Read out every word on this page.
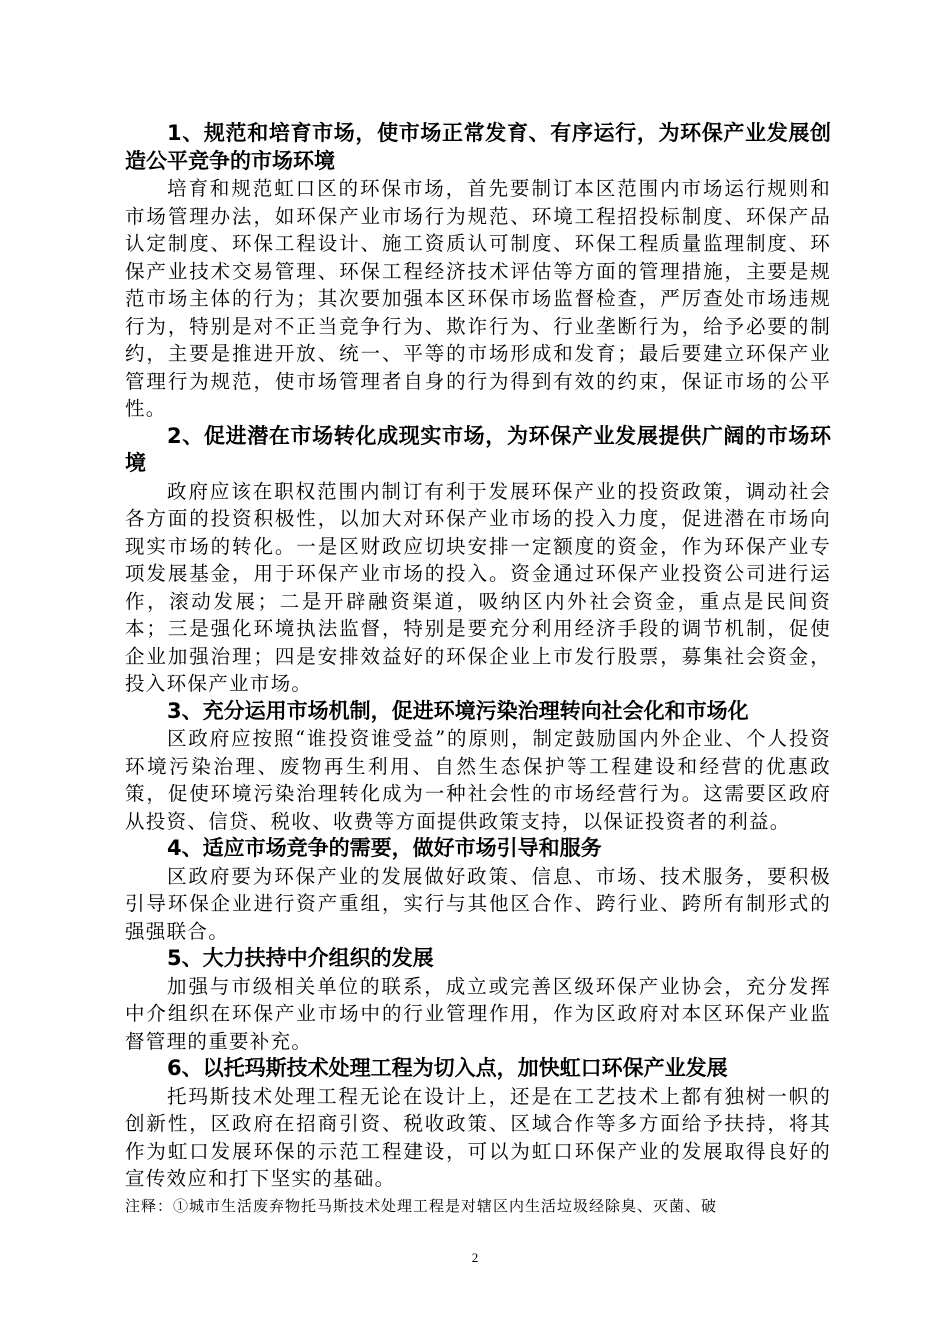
1、规范和培育市场，使市场正常发育、有序运行，为环保产业发展创造公平竞争的市场环境

培育和规范虹口区的环保市场，首先要制订本区范围内市场运行规则和市场管理办法，如环保产业市场行为规范、环境工程招投标制度、环保产品认定制度、环保工程设计、施工资质认可制度、环保工程质量监理制度、环保产业技术交易管理、环保工程经济技术评估等方面的管理措施，主要是规范市场主体的行为；其次要加强本区环保市场监督检查，严厉查处市场违规行为，特别是对不正当竞争行为、欺诈行为、行业垄断行为，给予必要的制约，主要是推进开放、统一、平等的市场形成和发育；最后要建立环保产业管理行为规范，使市场管理者自身的行为得到有效的约束，保证市场的公平性。

2、促进潜在市场转化成现实市场，为环保产业发展提供广阔的市场环境

政府应该在职权范围内制订有利于发展环保产业的投资政策，调动社会各方面的投资积极性，以加大对环保产业市场的投入力度，促进潜在市场向现实市场的转化。一是区财政应切块安排一定额度的资金，作为环保产业专项发展基金，用于环保产业市场的投入。资金通过环保产业投资公司进行运作，滚动发展；二是开辟融资渠道，吸纳区内外社会资金，重点是民间资本；三是强化环境执法监督，特别是要充分利用经济手段的调节机制，促使企业加强治理；四是安排效益好的环保企业上市发行股票，募集社会资金，投入环保产业市场。

3、充分运用市场机制，促进环境污染治理转向社会化和市场化

区政府应按照“谁投资谁受益”的原则，制定鼓励国内外企业、个人投资环境污染治理、废物再生利用、自然生态保护等工程建设和经营的优惠政策，促使环境污染治理转化成为一种社会性的市场经营行为。这需要区政府从投资、信贷、税收、收费等方面提供政策支持，以保证投资者的利益。

4、适应市场竞争的需要，做好市场引导和服务

区政府要为环保产业的发展做好政策、信息、市场、技术服务，要积极引导环保企业进行资产重组，实行与其他区合作、跨行业、跨所有制形式的强强联合。

5、大力扶持中介组织的发展

加强与市级相关单位的联系，成立或完善区级环保产业协会，充分发挥中介组织在环保产业市场中的行业管理作用，作为区政府对本区环保产业监督管理的重要补充。

6、以托玛斯技术处理工程为切入点，加快虹口环保产业发展

托玛斯技术处理工程无论在设计上，还是在工艺技术上都有独树一帜的创新性，区政府在招商引资、税收政策、区域合作等多方面给予扶持，将其作为虹口发展环保的示范工程建设，可以为虹口环保产业的发展取得良好的宣传效应和打下坚实的基础。

注释：①城市生活废弃物托马斯技术处理工程是对辖区内生活垃圾经除臭、灭菌、破
2
